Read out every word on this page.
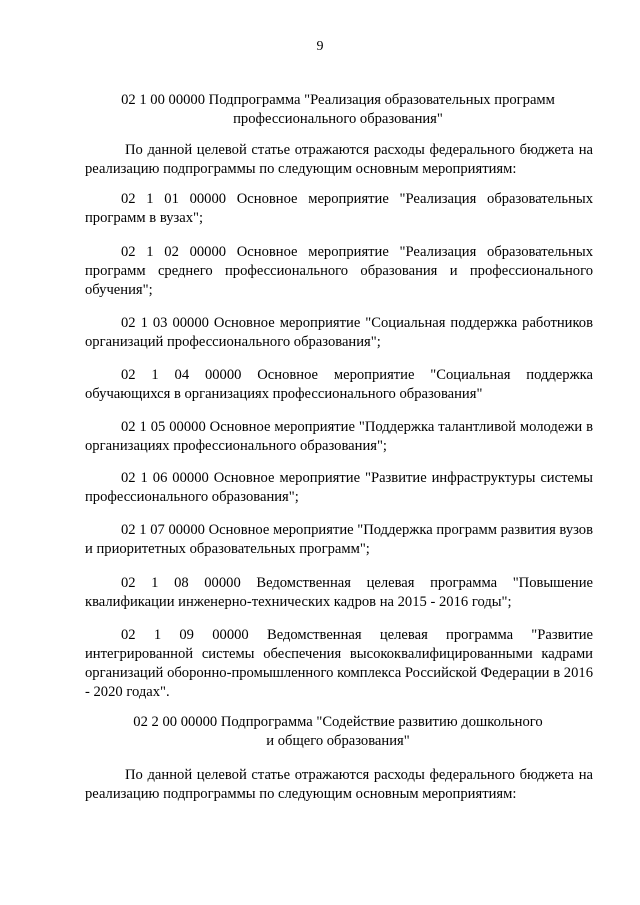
9
02 1 00 00000 Подпрограмма "Реализация образовательных программ профессионального образования"
По данной целевой статье отражаются расходы федерального бюджета на реализацию подпрограммы по следующим основным мероприятиям:
02 1 01 00000 Основное мероприятие "Реализация образовательных программ в вузах";
02 1 02 00000 Основное мероприятие "Реализация образовательных программ среднего профессионального образования и профессионального обучения";
02 1 03 00000 Основное мероприятие "Социальная поддержка работников организаций профессионального образования";
02 1 04 00000 Основное мероприятие "Социальная поддержка обучающихся в организациях профессионального образования"
02 1 05 00000 Основное мероприятие "Поддержка талантливой молодежи в организациях профессионального образования";
02 1 06 00000 Основное мероприятие "Развитие инфраструктуры системы профессионального образования";
02 1 07 00000 Основное мероприятие "Поддержка программ развития вузов и приоритетных образовательных программ";
02 1 08 00000 Ведомственная целевая программа "Повышение квалификации инженерно-технических кадров на 2015 - 2016 годы";
02 1 09 00000 Ведомственная целевая программа "Развитие интегрированной системы обеспечения высококвалифицированными кадрами организаций оборонно-промышленного комплекса Российской Федерации в 2016 - 2020 годах".
02 2 00 00000 Подпрограмма "Содействие развитию дошкольного
и общего образования"
По данной целевой статье отражаются расходы федерального бюджета на реализацию подпрограммы по следующим основным мероприятиям:
